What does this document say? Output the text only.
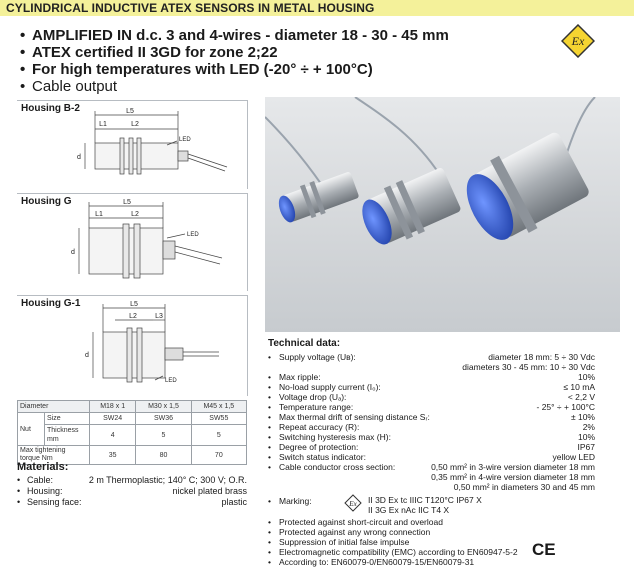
CYLINDRICAL INDUCTIVE ATEX SENSORS IN METAL HOUSING
• AMPLIFIED IN d.c. 3 and 4-wires - diameter 18 - 30 - 45 mm
• ATEX certified II 3GD for zone 2;22
• For high temperatures with LED (-20° ÷ + 100°C)
• Cable output
Ex
Housing B-2	L5
L1	L2
d
LED
Housing G	L5
L1	L2
d
LED
Housing G-1	L5
L2	L3
d
LED
Diameter		M18 x 1	M30 x 1,5	M45 x 1,5
Nut	Size	SW24	SW36	SW55
	Thickness mm	4	5	5
Max tightening torque Nm		35	80	70
Materials:
• Cable:	2 m Thermoplastic; 140° C; 300 V; O.R.
• Housing:	nickel plated brass
• Sensing face:	plastic
Technical data:
• Supply voltage (Uʙ):	diameter 18 mm: 5 ÷ 30 Vdc
diameters 30 - 45 mm: 10 ÷ 30 Vdc
• Max ripple:	10%
• No-load supply current (I₀):	≤ 10 mA
• Voltage drop (Uₐ):	< 2,2 V
• Temperature range:	- 25° ÷ + 100°C
• Max thermal drift of sensing distance Sᵣ:	± 10%
• Repeat accuracy (R):	2%
• Switching hysteresis max (H):	10%
• Degree of protection:	IP67
• Switch status indicator:	yellow LED
• Cable conductor cross section:	0,50 mm² in 3-wire version diameter 18 mm
0,35 mm² in 4-wire version diameter 18 mm
0,50 mm² in diameters 30 and 45 mm
• Marking:	Ex II 3D Ex tc IIIC T120°C IP67 X
II 3G Ex nAc IIC T4 X
• Protected against short-circuit and overload
• Protected against any wrong connection
• Suppression of initial false impulse
• Electromagnetic compatibility (EMC) according to EN60947-5-2
• According to: EN60079-0/EN60079-15/EN60079-31
CE
